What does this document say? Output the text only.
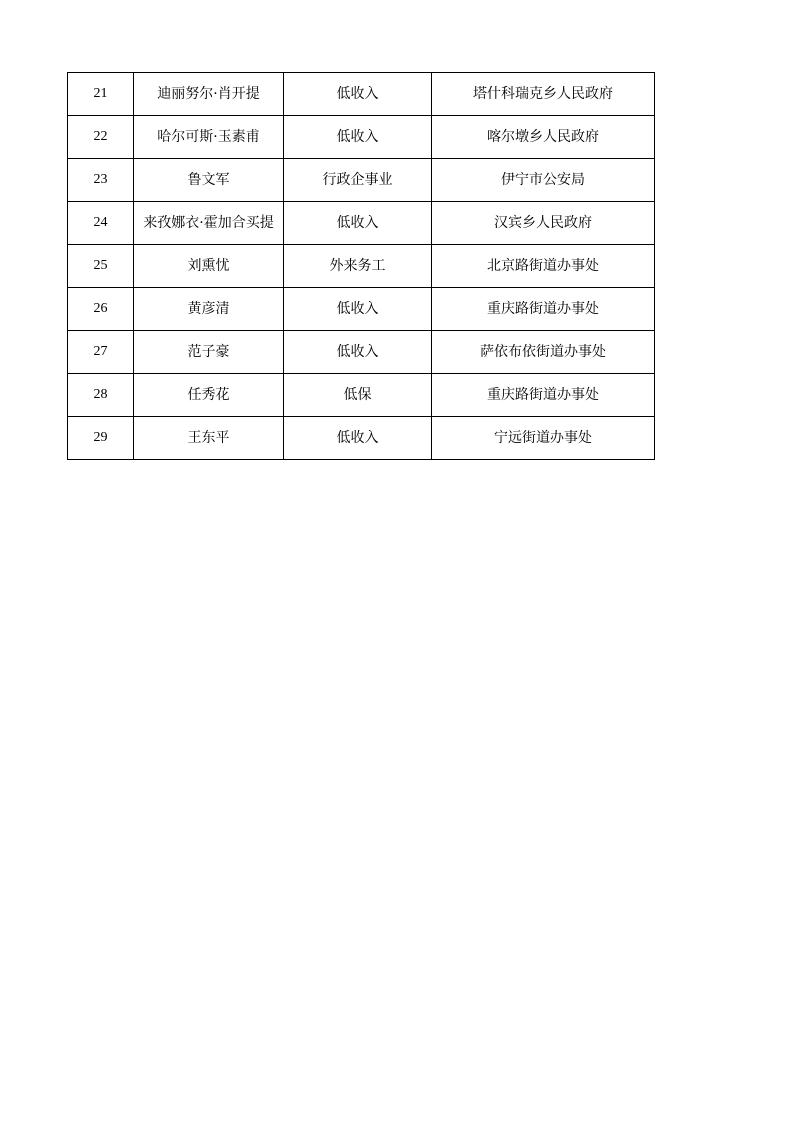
21	迪丽努尔·肖开提	低收入	塔什科瑞克乡人民政府
22	哈尔可斯·玉素甫	低收入	喀尔墩乡人民政府
23	鲁文军	行政企事业	伊宁市公安局
24	来孜娜衣·霍加合买提	低收入	汉宾乡人民政府
25	刘熏忧	外来务工	北京路街道办事处
26	黄彦清	低收入	重庆路街道办事处
27	范子豪	低收入	萨依布依街道办事处
28	任秀花	低保	重庆路街道办事处
29	王东平	低收入	宁远街道办事处
